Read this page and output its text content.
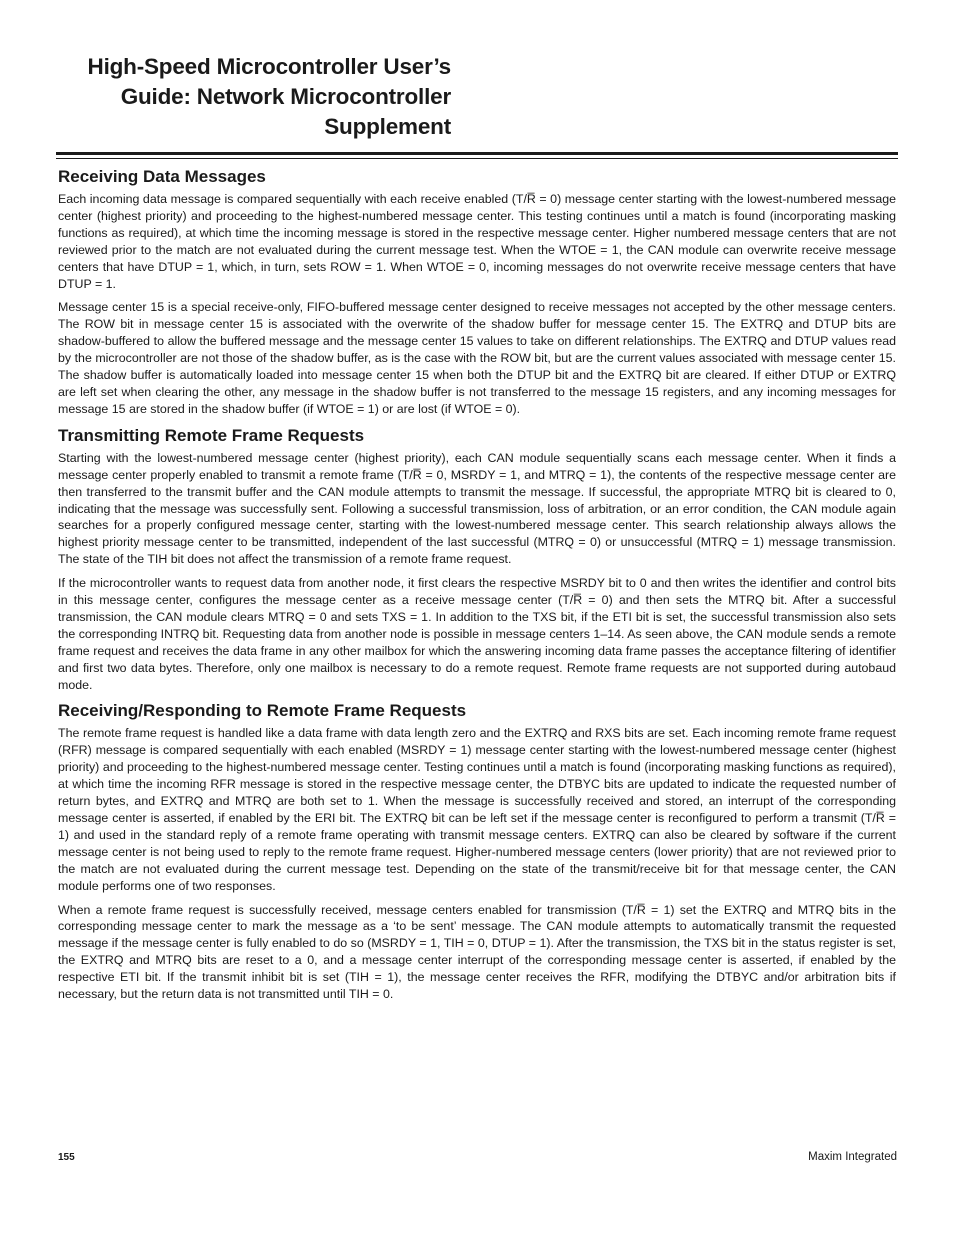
High-Speed Microcontroller User’s
Guide: Network Microcontroller
Supplement
Receiving Data Messages

Each incoming data message is compared sequentially with each receive enabled (T/R̅ = 0) message center starting with the lowest-numbered message center (highest priority) and proceeding to the highest-numbered message center. This testing continues until a match is found (incorporating masking functions as required), at which time the incoming message is stored in the respective message center. Higher numbered message centers that are not reviewed prior to the match are not evaluated during the current message test. When the WTOE = 1, the CAN module can overwrite receive message centers that have DTUP = 1, which, in turn, sets ROW = 1. When WTOE = 0, incoming messages do not overwrite receive message centers that have DTUP = 1.

Message center 15 is a special receive-only, FIFO-buffered message center designed to receive messages not accepted by the other message centers. The ROW bit in message center 15 is associated with the overwrite of the shadow buffer for message center 15. The EXTRQ and DTUP bits are shadow-buffered to allow the buffered message and the message center 15 values to take on different relationships. The EXTRQ and DTUP values read by the microcontroller are not those of the shadow buffer, as is the case with the ROW bit, but are the current values associated with message center 15. The shadow buffer is automatically loaded into message center 15 when both the DTUP bit and the EXTRQ bit are cleared. If either DTUP or EXTRQ are left set when clearing the other, any message in the shadow buffer is not transferred to the message 15 registers, and any incoming messages for message 15 are stored in the shadow buffer (if WTOE = 1) or are lost (if WTOE = 0).

Transmitting Remote Frame Requests

Starting with the lowest-numbered message center (highest priority), each CAN module sequentially scans each message center. When it finds a message center properly enabled to transmit a remote frame (T/R̅ = 0, MSRDY = 1, and MTRQ = 1), the contents of the respective message center are then transferred to the transmit buffer and the CAN module attempts to transmit the message. If successful, the appropriate MTRQ bit is cleared to 0, indicating that the message was successfully sent. Following a successful transmission, loss of arbitration, or an error condition, the CAN module again searches for a properly configured message center, starting with the lowest-numbered message center. This search relationship always allows the highest priority message center to be transmitted, independent of the last successful (MTRQ = 0) or unsuccessful (MTRQ = 1) message transmission. The state of the TIH bit does not affect the transmission of a remote frame request.

If the microcontroller wants to request data from another node, it first clears the respective MSRDY bit to 0 and then writes the identifier and control bits in this message center, configures the message center as a receive message center (T/R̅ = 0) and then sets the MTRQ bit. After a successful transmission, the CAN module clears MTRQ = 0 and sets TXS = 1. In addition to the TXS bit, if the ETI bit is set, the successful transmission also sets the corresponding INTRQ bit. Requesting data from another node is possible in message centers 1–14. As seen above, the CAN module sends a remote frame request and receives the data frame in any other mailbox for which the answering incoming data frame passes the acceptance filtering of identifier and first two data bytes. Therefore, only one mailbox is necessary to do a remote request. Remote frame requests are not supported during autobaud mode.

Receiving/Responding to Remote Frame Requests

The remote frame request is handled like a data frame with data length zero and the EXTRQ and RXS bits are set. Each incoming remote frame request (RFR) message is compared sequentially with each enabled (MSRDY = 1) message center starting with the lowest-numbered message center (highest priority) and proceeding to the highest-numbered message center. Testing continues until a match is found (incorporating masking functions as required), at which time the incoming RFR message is stored in the respective message center, the DTBYC bits are updated to indicate the requested number of return bytes, and EXTRQ and MTRQ are both set to 1. When the message is successfully received and stored, an interrupt of the corresponding message center is asserted, if enabled by the ERI bit. The EXTRQ bit can be left set if the message center is reconfigured to perform a transmit (T/R̅ = 1) and used in the standard reply of a remote frame operating with transmit message centers. EXTRQ can also be cleared by software if the current message center is not being used to reply to the remote frame request. Higher-numbered message centers (lower priority) that are not reviewed prior to the match are not evaluated during the current message test. Depending on the state of the transmit/receive bit for that message center, the CAN module performs one of two responses.

When a remote frame request is successfully received, message centers enabled for transmission (T/R̅ = 1) set the EXTRQ and MTRQ bits in the corresponding message center to mark the message as a ‘to be sent’ message. The CAN module attempts to automatically transmit the requested message if the message center is fully enabled to do so (MSRDY = 1, TIH = 0, DTUP = 1). After the transmission, the TXS bit in the status register is set, the EXTRQ and MTRQ bits are reset to a 0, and a message center interrupt of the corresponding message center is asserted, if enabled by the respective ETI bit. If the transmit inhibit bit is set (TIH = 1), the message center receives the RFR, modifying the DTBYC and/or arbitration bits if necessary, but the return data is not transmitted until TIH = 0.

155	Maxim Integrated
